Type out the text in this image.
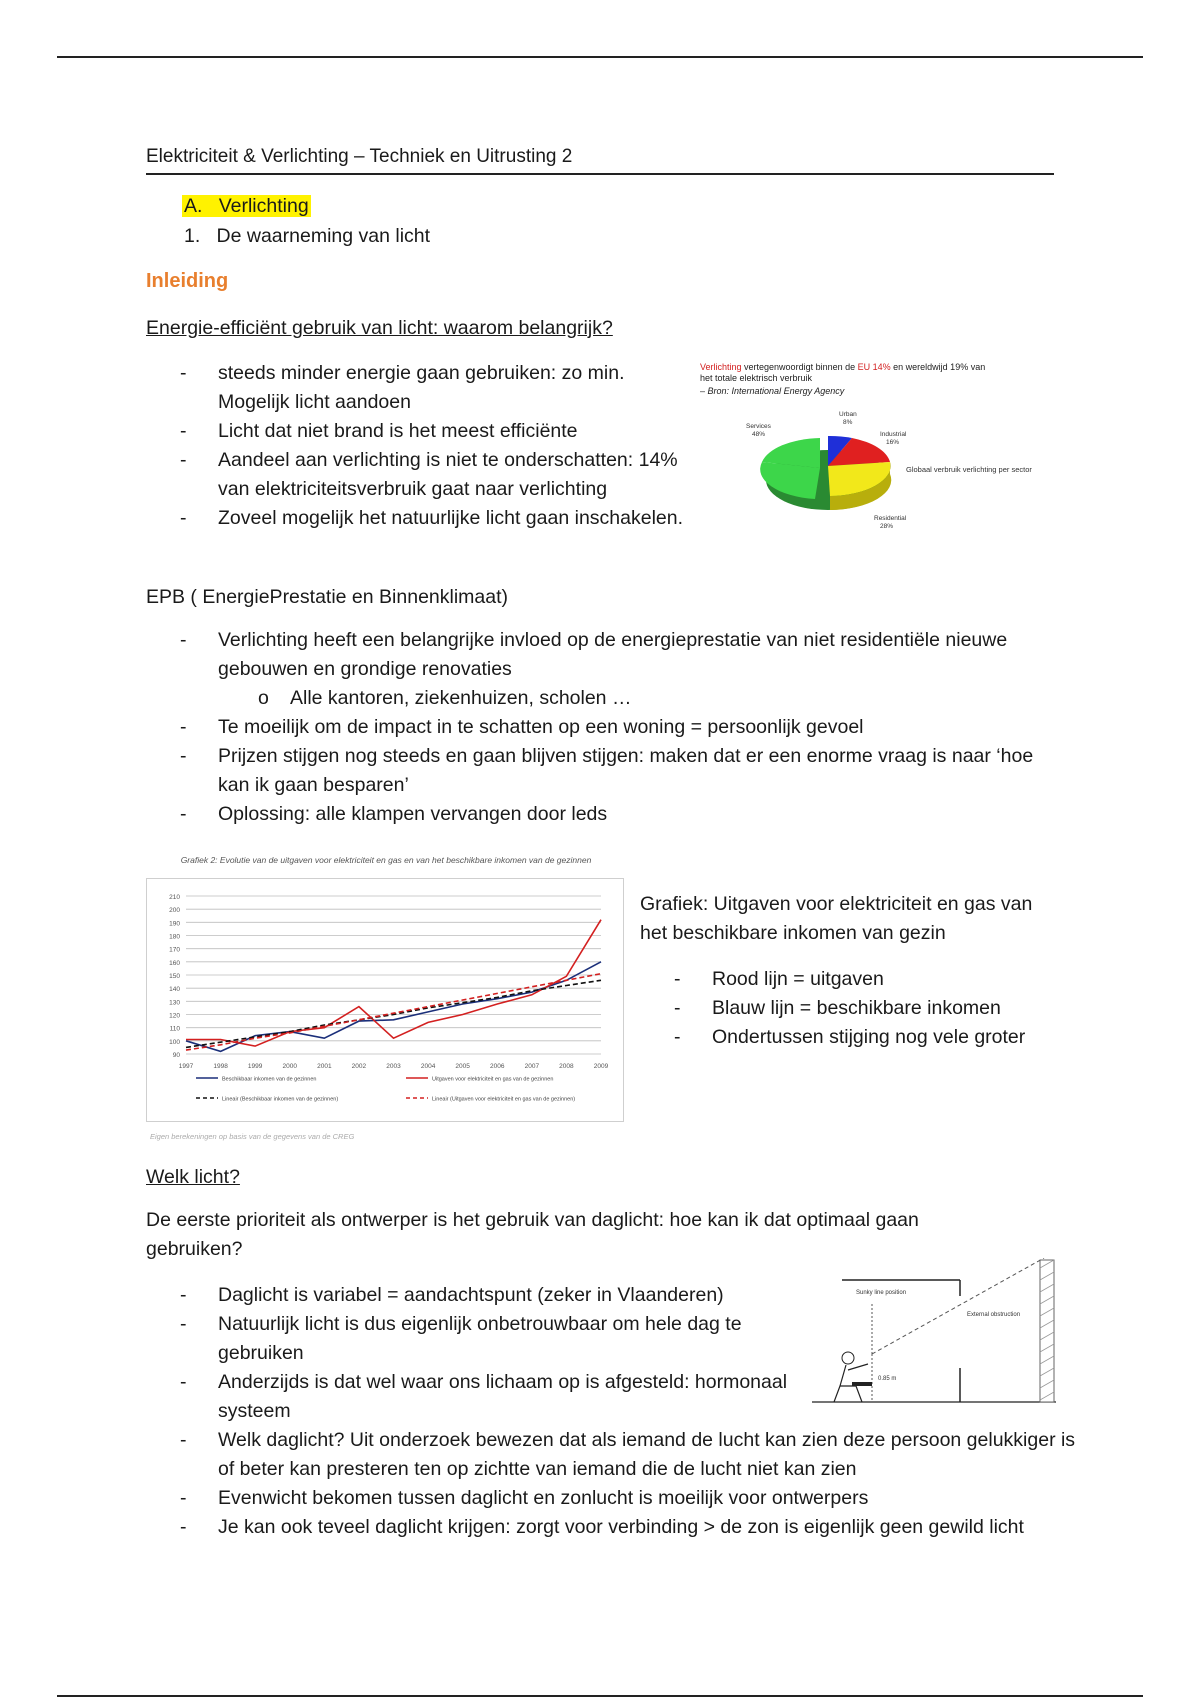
Elektriciteit & Verlichting – Techniek en Uitrusting 2
A. Verlichting
1. De waarneming van licht
Inleiding
Energie-efficiënt gebruik van licht: waarom belangrijk?
- steeds minder energie gaan gebruiken: zo min. Mogelijk licht aandoen
- Licht dat niet brand is het meest efficiënte
- Aandeel aan verlichting is niet te onderschatten: 14% van elektriciteitsverbruik gaat naar verlichting
- Zoveel mogelijk het natuurlijke licht gaan inschakelen.
Verlichting vertegenwoordigt binnen de EU 14% en wereldwijd 19% van
het totale elektrisch verbruik
– Bron: International Energy Agency
Services
48%
Urban
8%
Industrial
16%
Residential
28%
Globaal verbruik verlichting per sector
EPB ( EnergiePrestatie en Binnenklimaat)
- Verlichting heeft een belangrijke invloed op de energieprestatie van niet residentiële nieuwe gebouwen en grondige renovaties
o Alle kantoren, ziekenhuizen, scholen …
- Te moeilijk om de impact in te schatten op een woning = persoonlijk gevoel
- Prijzen stijgen nog steeds en gaan blijven stijgen: maken dat er een enorme vraag is naar ‘hoe kan ik gaan besparen’
- Oplossing: alle klampen vervangen door leds
Grafiek 2: Evolutie van de uitgaven voor elektriciteit en gas en van het beschikbare inkomen van de gezinnen
90
100
110
120
130
140
150
160
170
180
190
200
210
1997	1998	1999	2000	2001	2002	2003	2004	2005	2006	2007	2008	2009
Beschikbaar inkomen van de gezinnen	Uitgaven voor elektriciteit en gas van de gezinnen
Lineair (Beschikbaar inkomen van de gezinnen)	Lineair (Uitgaven voor elektriciteit en gas van de gezinnen)
Eigen berekeningen op basis van de gegevens van de CREG
Grafiek: Uitgaven voor elektriciteit en gas van het beschikbare inkomen van gezin
- Rood lijn = uitgaven
- Blauw lijn = beschikbare inkomen
- Ondertussen stijging nog vele groter
Welk licht?
De eerste prioriteit als ontwerper is het gebruik van daglicht: hoe kan ik dat optimaal gaan gebruiken?
Sunky line position
External obstruction
0.85 m
- Daglicht is variabel = aandachtspunt (zeker in Vlaanderen)
- Natuurlijk licht is dus eigenlijk onbetrouwbaar om hele dag te gebruiken
- Anderzijds is dat wel waar ons lichaam op is afgesteld: hormonaal systeem
- Welk daglicht? Uit onderzoek bewezen dat als iemand de lucht kan zien deze persoon gelukkiger is of beter kan presteren ten op zichtte van iemand die de lucht niet kan zien
- Evenwicht bekomen tussen daglicht en zonlucht is moeilijk voor ontwerpers
- Je kan ook teveel daglicht krijgen: zorgt voor verbinding > de zon is eigenlijk geen gewild licht
